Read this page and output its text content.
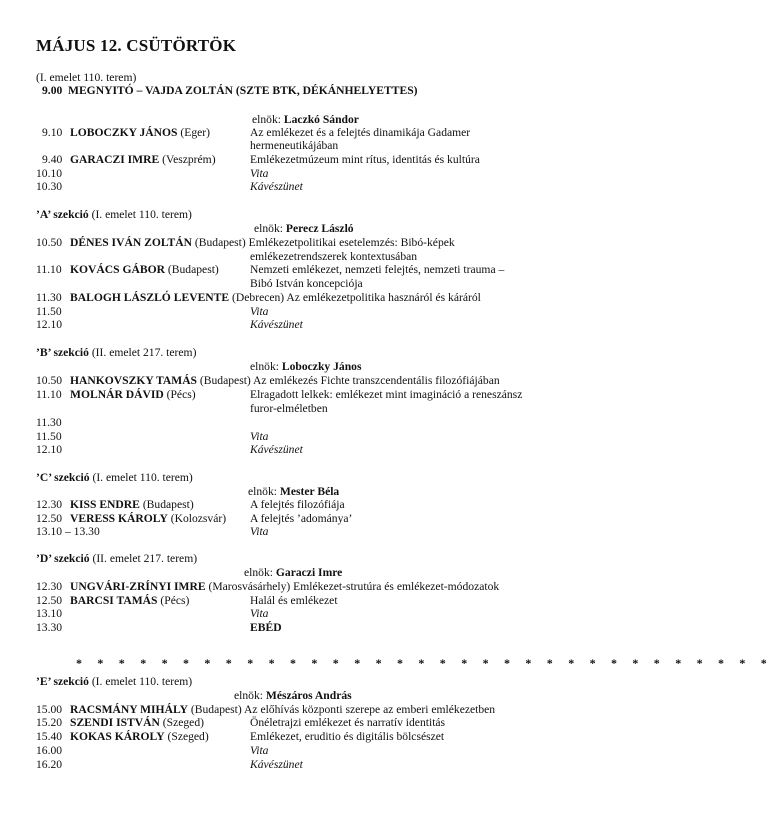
MÁJUS 12. CSÜTÖRTÖK
(I. emelet 110. terem)
9.00 MEGNYITÓ – VAJDA ZOLTÁN (SZTE BTK, DÉKÁNHELYETTES)
elnök: Laczkó Sándor
9.10 LOBOCZKY JÁNOS (Eger)	Az emlékezet és a felejtés dinamikája Gadamer
hermeneutikájában
9.40 GARACZI IMRE (Veszprém)	Emlékezetmúzeum mint rítus, identitás és kultúra
10.10	Vita
10.30	Kávészünet
’A’ szekció (I. emelet 110. terem)
elnök: Perecz László
10.50 DÉNES IVÁN ZOLTÁN (Budapest) Emlékezetpolitikai esetelemzés: Bibó-képek
emlékezetrendszerek kontextusában
11.10 KOVÁCS GÁBOR (Budapest)	Nemzeti emlékezet, nemzeti felejtés, nemzeti trauma –
Bibó István koncepciója
11.30 BALOGH LÁSZLÓ LEVENTE (Debrecen) Az emlékezetpolitika hasznáról és káráról
11.50	Vita
12.10	Kávészünet
’B’ szekció (II. emelet 217. terem)
elnök: Loboczky János
10.50 HANKOVSZKY TAMÁS (Budapest) Az emlékezés Fichte transzcendentális filozófiájában
11.10 MOLNÁR DÁVID (Pécs)	Elragadott lelkek: emlékezet mint imagináció a reneszánsz
furor-elméletben
11.30
11.50	Vita
12.10	Kávészünet
’C’ szekció (I. emelet 110. terem)
elnök: Mester Béla
12.30 KISS ENDRE (Budapest)	A felejtés filozófiája
12.50 VERESS KÁROLY (Kolozsvár) A felejtés ’adománya’
13.10 – 13.30	Vita
’D’ szekció (II. emelet 217. terem)
elnök: Garaczi Imre
12.30 UNGVÁRI-ZRÍNYI IMRE (Marosvásárhely) Emlékezet-strutúra és emlékezet-módozatok
12.50 BARCSI TAMÁS (Pécs)	Halál és emlékezet
13.10	Vita
13.30	EBÉD
* * * * * * * * * * * * * * * * * * * * * * * * * * * * * * * * *
’E’ szekció (I. emelet 110. terem)
elnök: Mészáros András
15.00 RACSMÁNY MIHÁLY (Budapest) Az előhívás központi szerepe az emberi emlékezetben
15.20 SZENDI ISTVÁN (Szeged)	Önéletrajzi emlékezet és narratív identitás
15.40 KOKAS KÁROLY (Szeged)	Emlékezet, eruditio és digitális bölcsészet
16.00	Vita
16.20	Kávészünet
